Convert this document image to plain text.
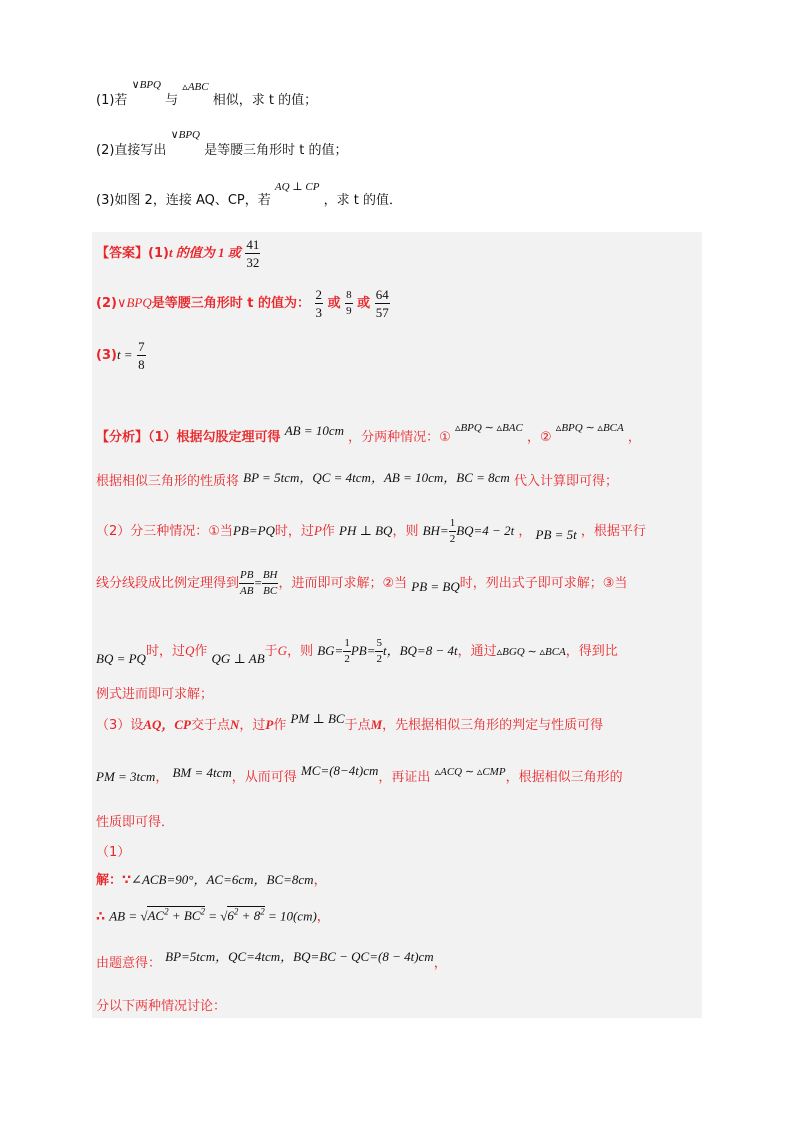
(1)若 $^{\vee BPQ}$ 与 $^{▵ABC}$ 相似，求 t 的值；
(2)直接写出 $^{\vee BPQ}$ 是等腰三角形时 t 的值；
(3)如图 2，连接 AQ、CP，若 $^{AQ \perp CP}$ ，求 t 的值．
【答案】(1)t 的值为 1 或 $\frac{41}{32}$
(2)∨BPQ是等腰三角形时 t 的值为： $\frac{2}{3}$ 或 $\frac{8}{9}$ 或 $\frac{64}{57}$
$(3)t = \frac{7}{8}$
【分析】（1）根据勾股定理可得 AB = 10cm ，分两种情况：① $^{▵BPQ \sim ▵BAC}$ ，② $^{▵BPQ \sim ▵BCA}$ ，
根据相似三角形的性质将 BP = 5tcm，QC = 4tcm，AB = 10cm，BC = 8cm 代入计算即可得；
（2）分三种情况：①当PB=PQ时，过P作 PH ⊥ BQ，则 $BH= \frac{1}{2} BQ=4 - 2t$ ， PB = 5t ，根据平行
线分线段成比例定理得到 $\frac{PB}{AB} = \frac{BH}{BC}$ ，进而即可求解；②当 PB = BQ时，列出式子即可求解；③当
BQ = PQ时，过Q作 QG ⊥ AB于G，则 $BG= \frac{1}{2} PB= \frac{5}{2}$ t，BQ=8 − 4t，通过▵BGQ ∼ ▵BCA，得到比
例式进而即可求解；
（3）设AQ，CP交于点N，过P作 PM ⊥ BC于点M，先根据相似三角形的判定与性质可得
PM = 3tcm， BM = 4tcm，从而可得 MC=(8−4t)cm，再证出 $^{▵ACQ \sim ▵CMP}$，根据相似三角形的
性质即可得．
（1）
解：∵∠ACB=90°，AC=6cm，BC=8cm，
∴ AB = $√AC^2 + BC^2 = √6^2 + 8^2 = 10(cm)$，
由题意得： BP=5tcm，QC=4tcm，BQ=BC − QC=(8 − 4t)cm，
分以下两种情况讨论：
